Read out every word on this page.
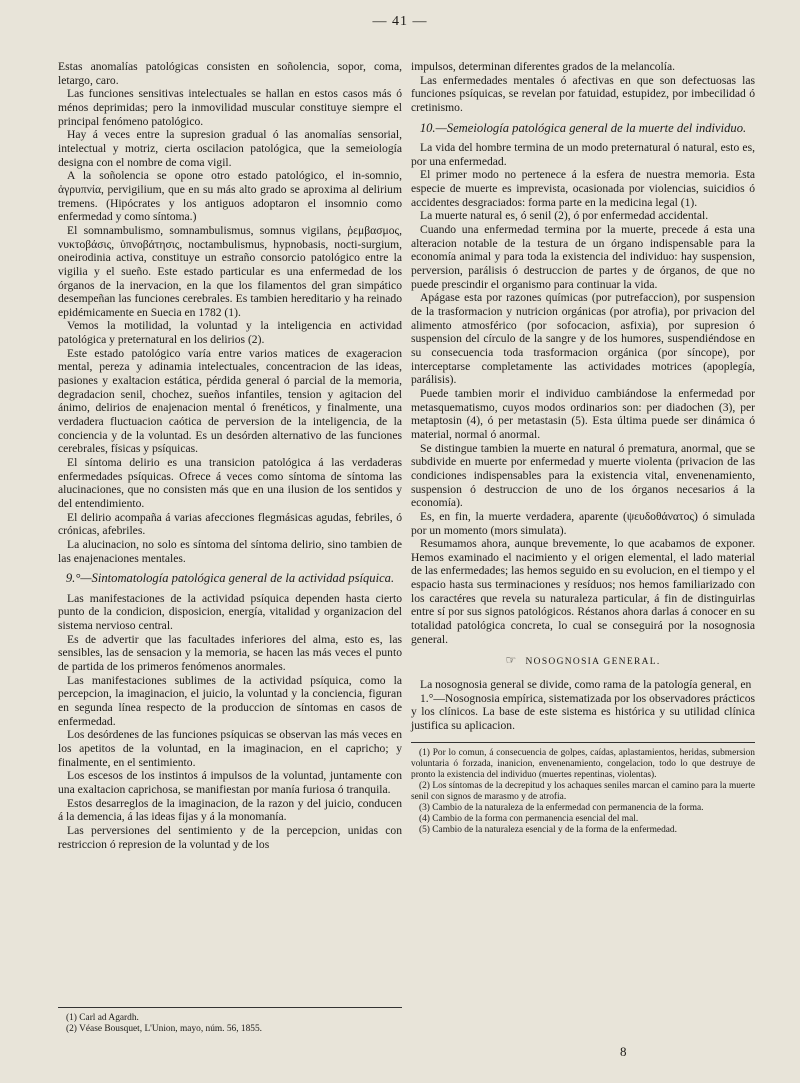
— 41 —

Estas anomalías patológicas consisten en soñolencia, sopor, coma, letargo, caro.

Las funciones sensitivas intelectuales se hallan en estos casos más ó ménos deprimidas; pero la inmovilidad muscular constituye siempre el principal fenómeno patológico.

Hay á veces entre la supresion gradual ó las anomalías sensorial, intelectual y motriz, cierta oscilacion patológica, que la semeiología designa con el nombre de coma vigil.

A la soñolencia se opone otro estado patológico, el in-somnio, ἀγρυπνία, pervigilium, que en su más alto grado se aproxima al delirium tremens. (Hipócrates y los antiguos adoptaron el insomnio como enfermedad y como síntoma.)

El somnambulismo, somnambulismus, somnus vigilans, ῥεμβασμος, νυκτοβάσις, ὑπνοβάτησις, noctambulismus, hypnobasis, nocti-surgium, oneirodinia activa, constituye un estraño consorcio patológico entre la vigilia y el sueño. Este estado particular es una enfermedad de los órganos de la inervacion, en la que los filamentos del gran simpático desempeñan las funciones cerebrales. Es tambien hereditario y ha reinado epidémicamente en Suecia en 1782 (1).

Vemos la motilidad, la voluntad y la inteligencia en actividad patológica y preternatural en los delirios (2).

Este estado patológico varía entre varios matices de exageracion mental, pereza y adinamia intelectuales, concentracion de las ideas, pasiones y exaltacion estática, pérdida general ó parcial de la memoria, degradacion senil, chochez, sueños infantiles, tension y agitacion del ánimo, delirios de enajenacion mental ó frenéticos, y finalmente, una verdadera fluctuacion caótica de perversion de la inteligencia, de la conciencia y de la voluntad. Es un desórden alternativo de las funciones cerebrales, físicas y psíquicas.

El síntoma delirio es una transicion patológica á las verdaderas enfermedades psíquicas. Ofrece á veces como síntoma de síntoma las alucinaciones, que no consisten más que en una ilusion de los sentidos y del entendimiento.

El delirio acompaña á varias afecciones flegmásicas agudas, febriles, ó crónicas, afebriles.

La alucinacion, no solo es síntoma del síntoma delirio, sino tambien de las enajenaciones mentales.

9.°—Sintomatología patológica general de la actividad psíquica.

Las manifestaciones de la actividad psíquica dependen hasta cierto punto de la condicion, disposicion, energía, vitalidad y organizacion del sistema nervioso central.

Es de advertir que las facultades inferiores del alma, esto es, las sensibles, las de sensacion y la memoria, se hacen las más veces el punto de partida de los primeros fenómenos anormales.

Las manifestaciones sublimes de la actividad psíquica, como la percepcion, la imaginacion, el juicio, la voluntad y la conciencia, figuran en segunda línea respecto de la produccion de síntomas en casos de enfermedad.

Los desórdenes de las funciones psíquicas se observan las más veces en los apetitos de la voluntad, en la imaginacion, en el capricho; y finalmente, en el sentimiento.

Los escesos de los instintos á impulsos de la voluntad, juntamente con una exaltacion caprichosa, se manifiestan por manía furiosa ó tranquila.

Estos desarreglos de la imaginacion, de la razon y del juicio, conducen á la demencia, á las ideas fijas y á la monomanía.

Las perversiones del sentimiento y de la percepcion, unidas con restriccion ó represion de la voluntad y de los

(1) Carl ad Agardh.

(2) Véase Bousquet, L'Union, mayo, núm. 56, 1855.

impulsos, determinan diferentes grados de la melancolía.

Las enfermedades mentales ó afectivas en que son defectuosas las funciones psíquicas, se revelan por fatuidad, estupidez, por imbecilidad ó cretinismo.

10.—Semeiología patológica general de la muerte del individuo.

La vida del hombre termina de un modo preternatural ó natural, esto es, por una enfermedad.

El primer modo no pertenece á la esfera de nuestra memoria. Esta especie de muerte es imprevista, ocasionada por violencias, suicidios ó accidentes desgraciados: forma parte en la medicina legal (1).

La muerte natural es, ó senil (2), ó por enfermedad accidental.

Cuando una enfermedad termina por la muerte, precede á esta una alteracion notable de la testura de un órgano indispensable para la economía animal y para toda la existencia del individuo: hay suspension, perversion, parálisis ó destruccion de partes y de órganos, de que no puede prescindir el organismo para continuar la vida.

Apágase esta por razones químicas (por putrefaccion), por suspension de la trasformacion y nutricion orgánicas (por atrofia), por privacion del alimento atmosférico (por sofocacion, asfixia), por supresion ó suspension del círculo de la sangre y de los humores, suspendiéndose en su consecuencia toda trasformacion orgánica (por síncope), por interceptarse completamente las actividades motrices (apoplegía, parálisis).

Puede tambien morir el individuo cambiándose la enfermedad por metasquematismo, cuyos modos ordinarios son: per diadochen (3), per metaptosin (4), ó per metastasin (5). Esta última puede ser dinámica ó material, normal ó anormal.

Se distingue tambien la muerte en natural ó prematura, anormal, que se subdivide en muerte por enfermedad y muerte violenta (privacion de las condiciones indispensables para la existencia vital, envenenamiento, suspension ó destruccion de uno de los órganos necesarios á la economía).

Es, en fin, la muerte verdadera, aparente (ψευδοθάνατος) ó simulada por un momento (mors simulata).

Resumamos ahora, aunque brevemente, lo que acabamos de exponer. Hemos examinado el nacimiento y el origen elemental, el lado material de las enfermedades; las hemos seguido en su evolucion, en el tiempo y el espacio hasta sus terminaciones y resíduos; nos hemos familiarizado con los caractéres que revela su naturaleza particular, á fin de distinguirlas entre sí por sus signos patológicos. Réstanos ahora darlas á conocer en su totalidad patológica concreta, lo cual se conseguirá por la nosognosia general.

☞ NOSOGNOSIA GENERAL.

La nosognosia general se divide, como rama de la patología general, en

1.°—Nosognosia empírica, sistematizada por los observadores prácticos y los clínicos. La base de este sistema es histórica y su utilidad clínica justifica su aplicacion.

(1) Por lo comun, á consecuencia de golpes, caídas, aplastamientos, heridas, submersion voluntaria ó forzada, inanicion, envenenamiento, congelacion, todo lo que destruye de pronto la existencia del individuo (muertes repentinas, violentas).

(2) Los síntomas de la decrepitud y los achaques seniles marcan el camino para la muerte senil con signos de marasmo y de atrofia.

(3) Cambio de la naturaleza de la enfermedad con permanencia de la forma.

(4) Cambio de la forma con permanencia esencial del mal.

(5) Cambio de la naturaleza esencial y de la forma de la enfermedad.

8
